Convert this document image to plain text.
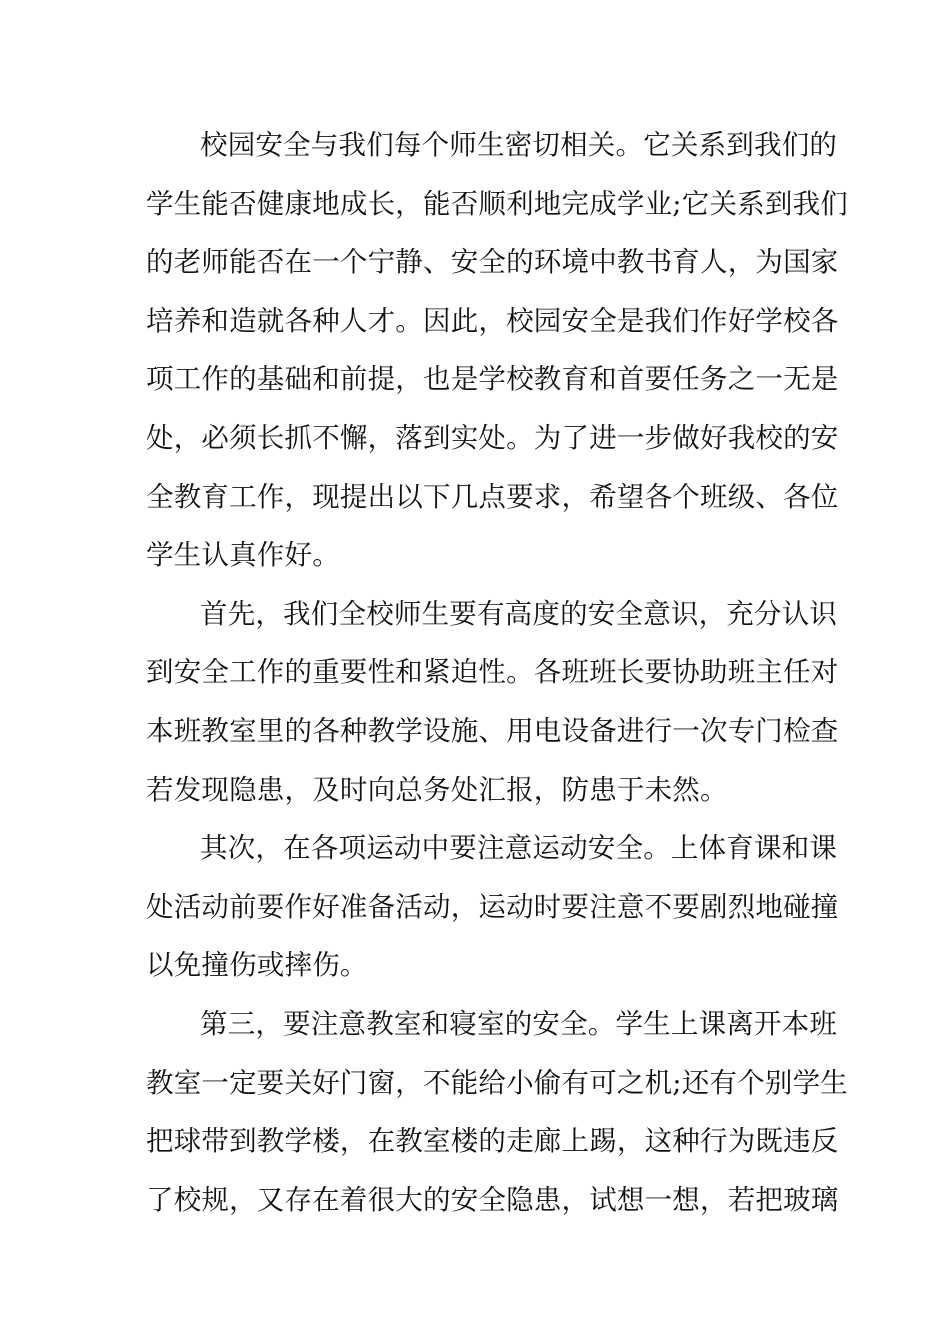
校园安全与我们每个师生密切相关。它关系到我们的
学生能否健康地成长，能否顺利地完成学业;它关系到我们
的老师能否在一个宁静、安全的环境中教书育人，为国家
培养和造就各种人才。因此，校园安全是我们作好学校各
项工作的基础和前提，也是学校教育和首要任务之一无是
处，必须长抓不懈，落到实处。为了进一步做好我校的安
全教育工作，现提出以下几点要求，希望各个班级、各位
学生认真作好。
首先，我们全校师生要有高度的安全意识，充分认识
到安全工作的重要性和紧迫性。各班班长要协助班主任对
本班教室里的各种教学设施、用电设备进行一次专门检查
若发现隐患，及时向总务处汇报，防患于未然。
其次，在各项运动中要注意运动安全。上体育课和课
处活动前要作好准备活动，运动时要注意不要剧烈地碰撞
以免撞伤或摔伤。
第三，要注意教室和寝室的安全。学生上课离开本班
教室一定要关好门窗，不能给小偷有可之机;还有个别学生
把球带到教学楼，在教室楼的走廊上踢，这种行为既违反
了校规，又存在着很大的安全隐患，试想一想，若把玻璃
